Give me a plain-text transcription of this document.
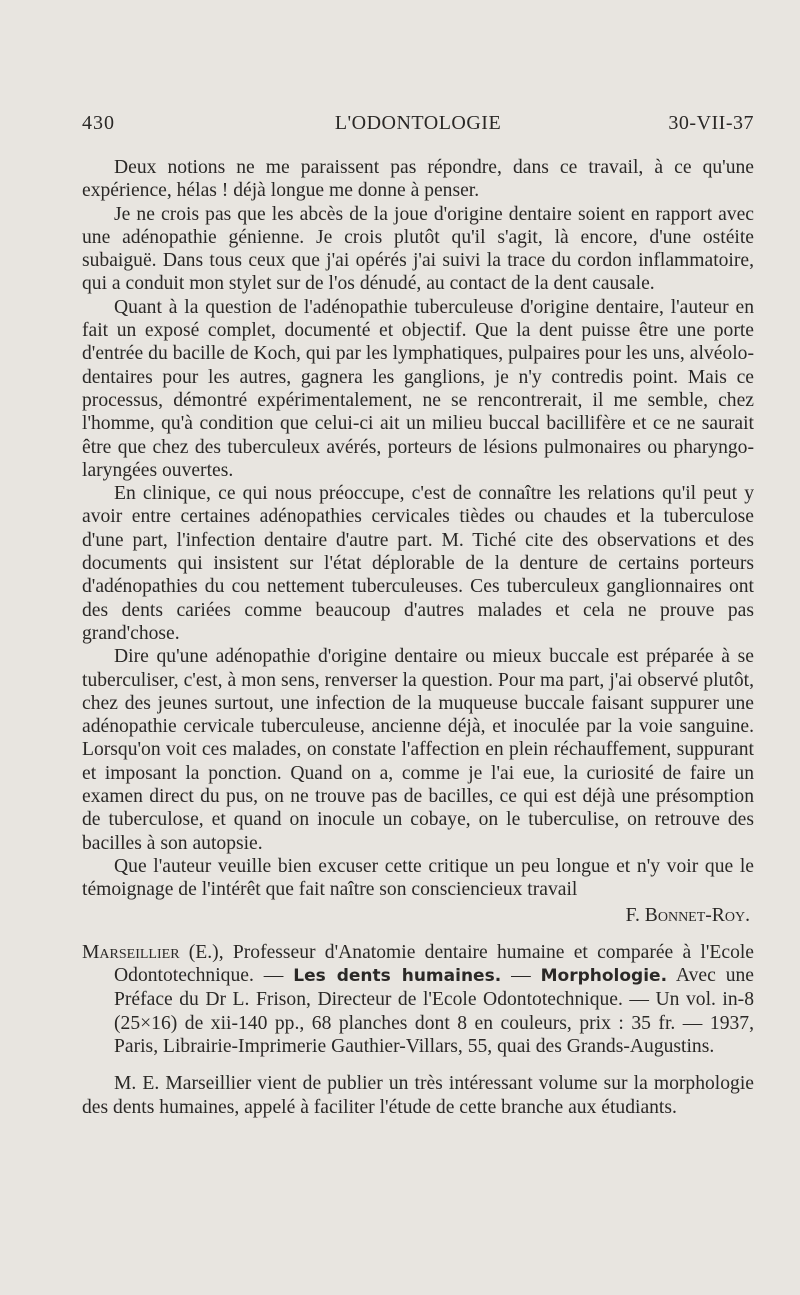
430	L'ODONTOLOGIE	30-VII-37

Deux notions ne me paraissent pas répondre, dans ce travail, à ce qu'une expérience, hélas ! déjà longue me donne à penser.

Je ne crois pas que les abcès de la joue d'origine dentaire soient en rapport avec une adénopathie génienne. Je crois plutôt qu'il s'agit, là encore, d'une ostéite subaiguë. Dans tous ceux que j'ai opérés j'ai suivi la trace du cordon inflammatoire, qui a conduit mon stylet sur de l'os dénudé, au contact de la dent causale.

Quant à la question de l'adénopathie tuberculeuse d'origine dentaire, l'auteur en fait un exposé complet, documenté et objectif. Que la dent puisse être une porte d'entrée du bacille de Koch, qui par les lymphatiques, pulpaires pour les uns, alvéolo-dentaires pour les autres, gagnera les ganglions, je n'y contredis point. Mais ce processus, démontré expérimentalement, ne se rencontrerait, il me semble, chez l'homme, qu'à condition que celui-ci ait un milieu buccal bacillifère et ce ne saurait être que chez des tuberculeux avérés, porteurs de lésions pulmonaires ou pharyngo-laryngées ouvertes.

En clinique, ce qui nous préoccupe, c'est de connaître les relations qu'il peut y avoir entre certaines adénopathies cervicales tièdes ou chaudes et la tuberculose d'une part, l'infection dentaire d'autre part. M. Tiché cite des observations et des documents qui insistent sur l'état déplorable de la denture de certains porteurs d'adénopathies du cou nettement tuberculeuses. Ces tuberculeux ganglionnaires ont des dents cariées comme beaucoup d'autres malades et cela ne prouve pas grand'chose.

Dire qu'une adénopathie d'origine dentaire ou mieux buccale est préparée à se tuberculiser, c'est, à mon sens, renverser la question. Pour ma part, j'ai observé plutôt, chez des jeunes surtout, une infection de la muqueuse buccale faisant suppurer une adénopathie cervicale tuberculeuse, ancienne déjà, et inoculée par la voie sanguine. Lorsqu'on voit ces malades, on constate l'affection en plein réchauffement, suppurant et imposant la ponction. Quand on a, comme je l'ai eue, la curiosité de faire un examen direct du pus, on ne trouve pas de bacilles, ce qui est déjà une présomption de tuberculose, et quand on inocule un cobaye, on le tuberculise, on retrouve des bacilles à son autopsie.

Que l'auteur veuille bien excuser cette critique un peu longue et n'y voir que le témoignage de l'intérêt que fait naître son consciencieux travail

F. Bonnet-Roy.

Marseillier (E.), Professeur d'Anatomie dentaire humaine et comparée à l'Ecole Odontotechnique. — Les dents humaines. — Morphologie. Avec une Préface du Dr L. Frison, Directeur de l'Ecole Odontotechnique. — Un vol. in-8 (25×16) de xii-140 pp., 68 planches dont 8 en couleurs, prix : 35 fr. — 1937, Paris, Librairie-Imprimerie Gauthier-Villars, 55, quai des Grands-Augustins.

M. E. Marseillier vient de publier un très intéressant volume sur la morphologie des dents humaines, appelé à faciliter l'étude de cette branche aux étudiants.
